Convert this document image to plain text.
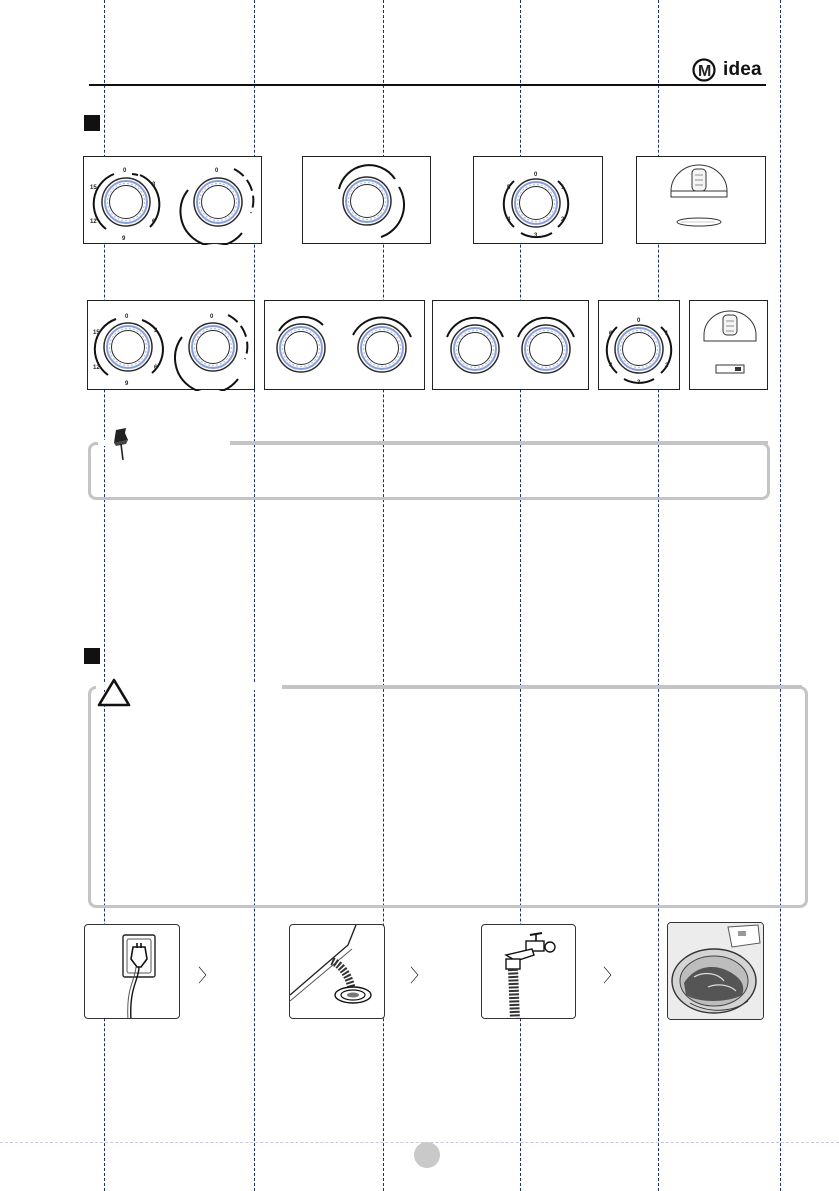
M idea
0
3
6
9
12
15
0
0
1
2
3
4
5
0
3
6
9
12
15
0
0
1
2
3
4
6
〉	〉	〉
